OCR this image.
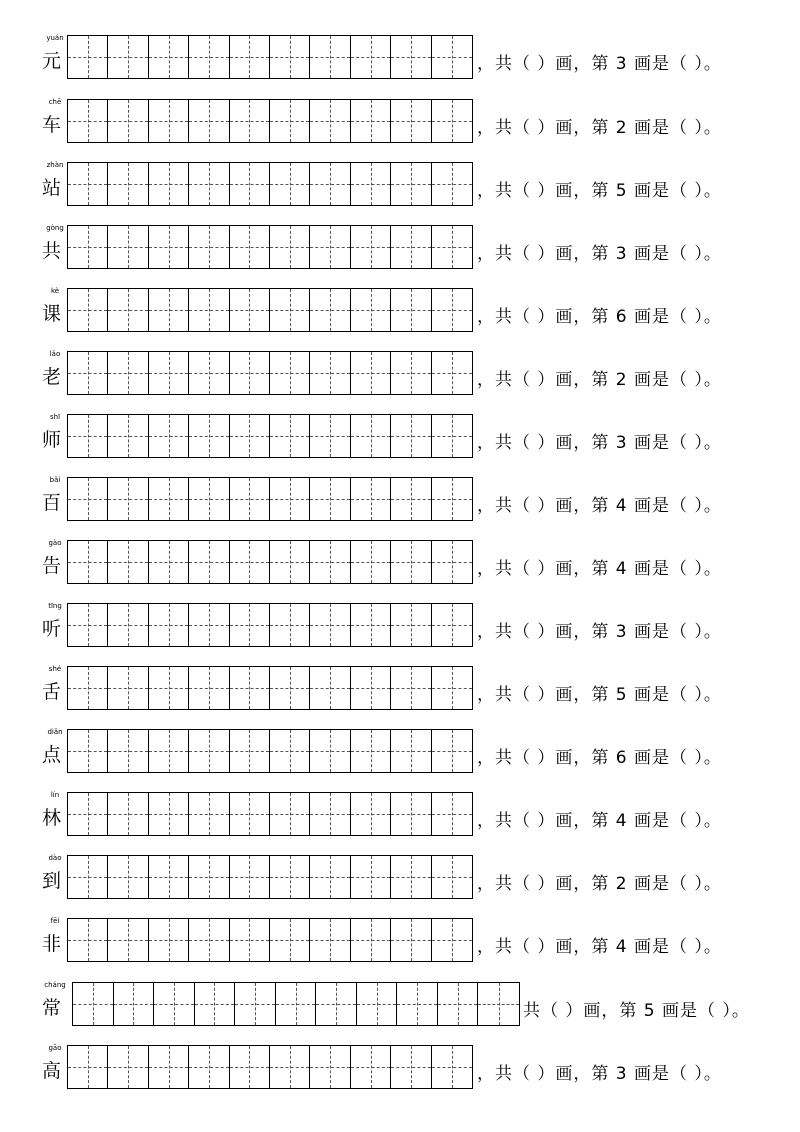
yuán
元	，共（ ）画，第 3 画是（ ）。
chē
车	，共（ ）画，第 2 画是（ ）。
zhàn
站	，共（ ）画，第 5 画是（ ）。
gòng
共	，共（ ）画，第 3 画是（ ）。
kè
课	，共（ ）画，第 6 画是（ ）。
lǎo
老	，共（ ）画，第 2 画是（ ）。
shī
师	，共（ ）画，第 3 画是（ ）。
bǎi
百	，共（ ）画，第 4 画是（ ）。
gào
告	，共（ ）画，第 4 画是（ ）。
tīng
听	，共（ ）画，第 3 画是（ ）。
shé
舌	，共（ ）画，第 5 画是（ ）。
diǎn
点	，共（ ）画，第 6 画是（ ）。
lín
林	，共（ ）画，第 4 画是（ ）。
dào
到	，共（ ）画，第 2 画是（ ）。
fēi
非	，共（ ）画，第 4 画是（ ）。
cháng
常	共（ ）画，第 5 画是（ ）。
gāo
高	，共（ ）画，第 3 画是（ ）。
